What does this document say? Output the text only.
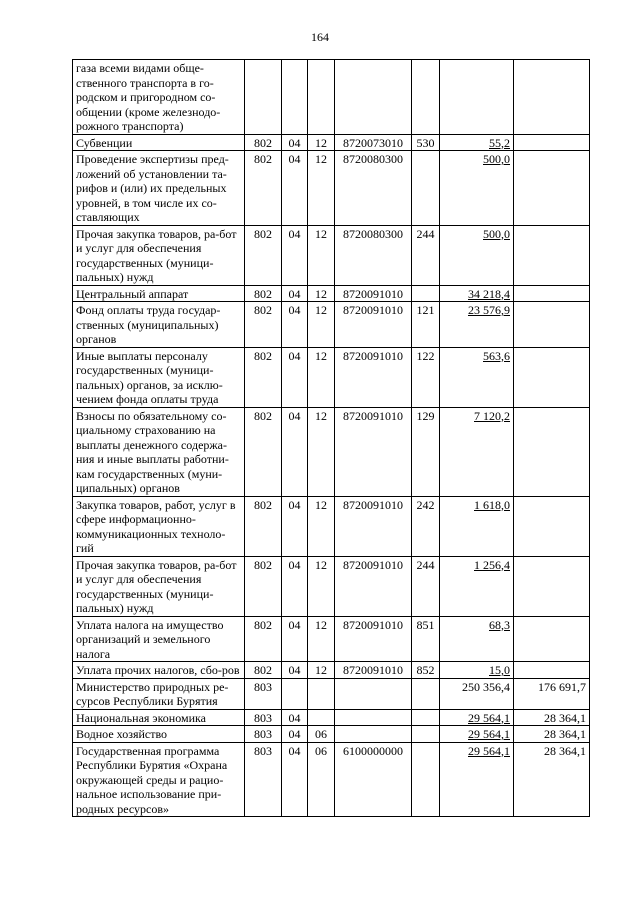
164
газа всеми видами обще-ственного транспорта в го-родском и пригородном со-общении (кроме железнодо-рожного транспорта)							
Субвенции	802	04	12	8720073010	530	55,2	
Проведение экспертизы пред-ложений об установлении та-рифов и (или) их предельных уровней, в том числе их со-ставляющих	802	04	12	8720080300		500,0	
Прочая закупка товаров, ра-бот и услуг для обеспечения государственных (муници-пальных) нужд	802	04	12	8720080300	244	500,0	
Центральный аппарат	802	04	12	8720091010		34 218,4	
Фонд оплаты труда государ-ственных (муниципальных) органов	802	04	12	8720091010	121	23 576,9	
Иные выплаты персоналу государственных (муници-пальных) органов, за исклю-чением фонда оплаты труда	802	04	12	8720091010	122	563,6	
Взносы по обязательному со-циальному страхованию на выплаты денежного содержа-ния и иные выплаты работни-кам государственных (муни-ципальных) органов	802	04	12	8720091010	129	7 120,2	
Закупка товаров, работ, услуг в сфере информационно-коммуникационных техноло-гий	802	04	12	8720091010	242	1 618,0	
Прочая закупка товаров, ра-бот и услуг для обеспечения государственных (муници-пальных) нужд	802	04	12	8720091010	244	1 256,4	
Уплата налога на имущество организаций и земельного налога	802	04	12	8720091010	851	68,3	
Уплата прочих налогов, сбо-ров	802	04	12	8720091010	852	15,0	
Министерство природных ре-сурсов Республики Бурятия	803					250 356,4	176 691,7
Национальная экономика	803	04				29 564,1	28 364,1
Водное хозяйство	803	04	06			29 564,1	28 364,1
Государственная программа Республики Бурятия «Охрана окружающей среды и рацио-нальное использование при-родных ресурсов»	803	04	06	6100000000		29 564,1	28 364,1
